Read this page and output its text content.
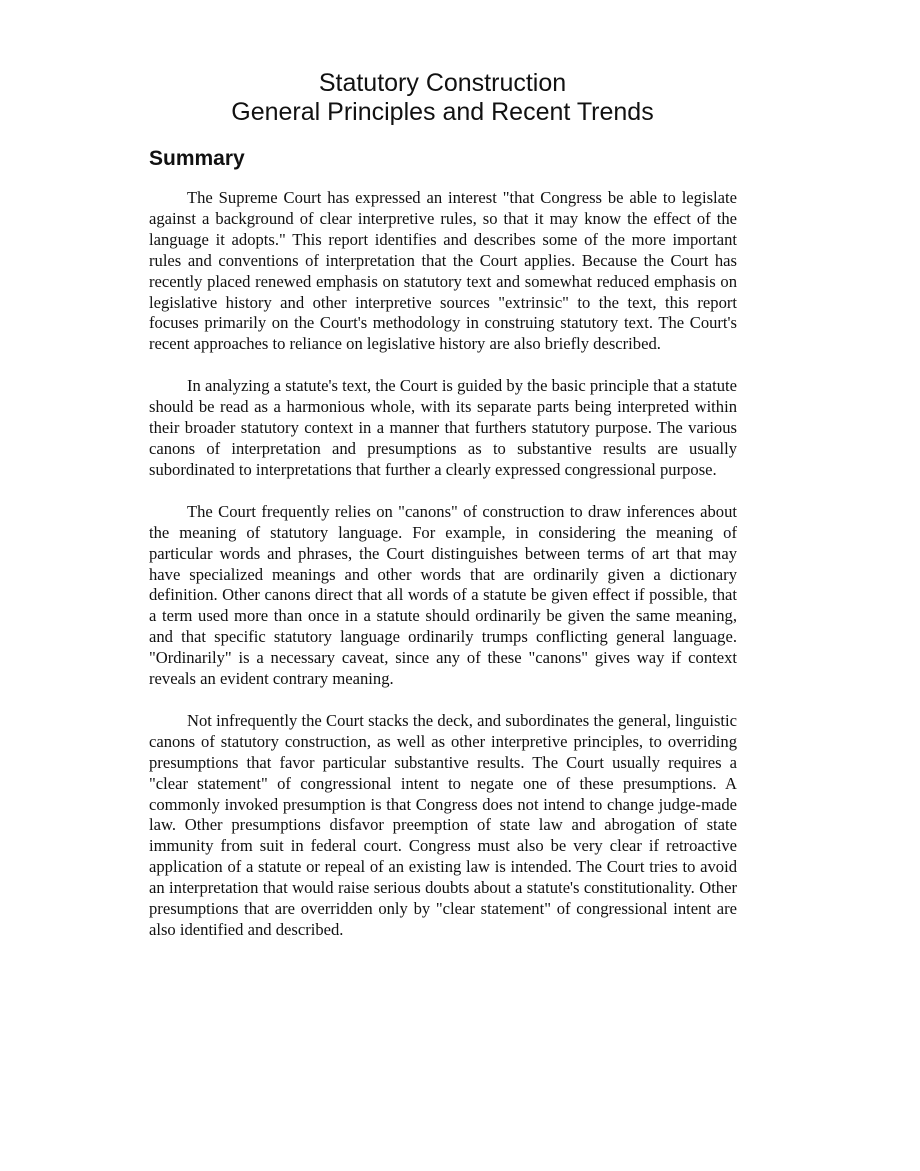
Statutory Construction
General Principles and Recent Trends
Summary

The Supreme Court has expressed an interest "that Congress be able to legislate against a background of clear interpretive rules, so that it may know the effect of the language it adopts." This report identifies and describes some of the more important rules and conventions of interpretation that the Court applies. Because the Court has recently placed renewed emphasis on statutory text and somewhat reduced emphasis on legislative history and other interpretive sources "extrinsic" to the text, this report focuses primarily on the Court's methodology in construing statutory text. The Court's recent approaches to reliance on legislative history are also briefly described.

In analyzing a statute's text, the Court is guided by the basic principle that a statute should be read as a harmonious whole, with its separate parts being interpreted within their broader statutory context in a manner that furthers statutory purpose. The various canons of interpretation and presumptions as to substantive results are usually subordinated to interpretations that further a clearly expressed congressional purpose.

The Court frequently relies on "canons" of construction to draw inferences about the meaning of statutory language. For example, in considering the meaning of particular words and phrases, the Court distinguishes between terms of art that may have specialized meanings and other words that are ordinarily given a dictionary definition. Other canons direct that all words of a statute be given effect if possible, that a term used more than once in a statute should ordinarily be given the same meaning, and that specific statutory language ordinarily trumps conflicting general language. "Ordinarily" is a necessary caveat, since any of these "canons" gives way if context reveals an evident contrary meaning.

Not infrequently the Court stacks the deck, and subordinates the general, linguistic canons of statutory construction, as well as other interpretive principles, to overriding presumptions that favor particular substantive results. The Court usually requires a "clear statement" of congressional intent to negate one of these presumptions. A commonly invoked presumption is that Congress does not intend to change judge-made law. Other presumptions disfavor preemption of state law and abrogation of state immunity from suit in federal court. Congress must also be very clear if retroactive application of a statute or repeal of an existing law is intended. The Court tries to avoid an interpretation that would raise serious doubts about a statute's constitutionality. Other presumptions that are overridden only by "clear statement" of congressional intent are also identified and described.
